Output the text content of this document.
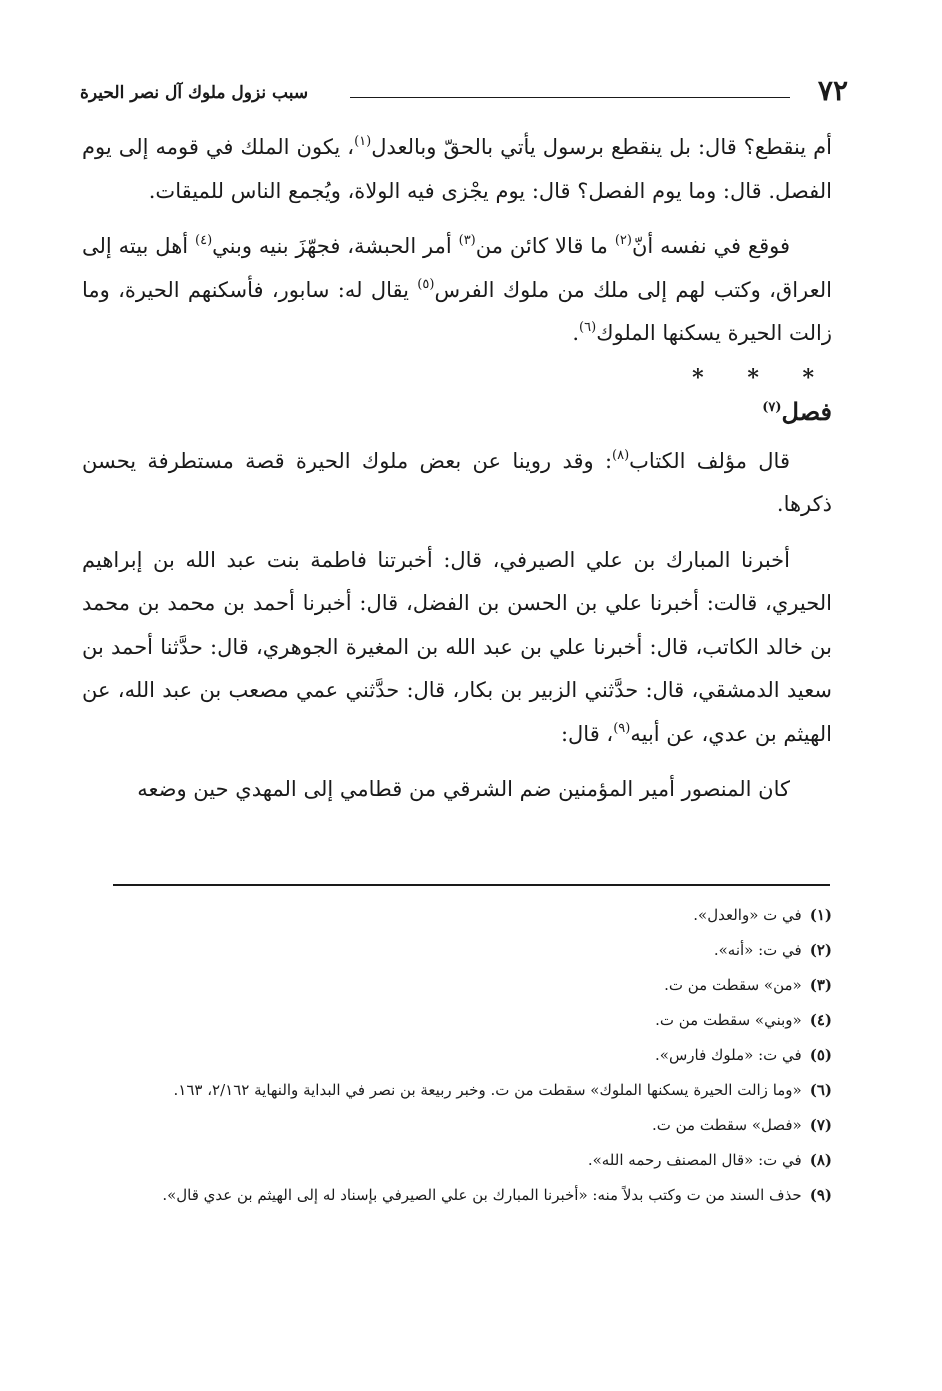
٧٢
سبب نزول ملوك آل نصر الحيرة

أم ينقطع؟ قال: بل ينقطع برسول يأتي بالحقّ وبالعدل$^{(١)}$، يكون الملك في قومه إلى يوم الفصل. قال: وما يوم الفصل؟ قال: يوم يجْزى فيه الولاة، ويُجمع الناس للميقات.

فوقع في نفسه أنّ$^{(٢)}$ ما قالا كائن من$^{(٣)}$ أمر الحبشة، فجهّزَ بنيه وبني$^{(٤)}$ أهل بيته إلى العراق، وكتب لهم إلى ملك من ملوك الفرس$^{(٥)}$ يقال له: سابور، فأسكنهم الحيرة، وما زالت الحيرة يسكنها الملوك$^{(٦)}$.

* * *
فصل$^{(٧)}$

قال مؤلف الكتاب$^{(٨)}$: وقد روينا عن بعض ملوك الحيرة قصة مستطرفة يحسن ذكرها.

أخبرنا المبارك بن علي الصيرفي، قال: أخبرتنا فاطمة بنت عبد الله بن إبراهيم الحيري، قالت: أخبرنا علي بن الحسن بن الفضل، قال: أخبرنا أحمد بن محمد بن محمد بن خالد الكاتب، قال: أخبرنا علي بن عبد الله بن المغيرة الجوهري، قال: حدَّثنا أحمد بن سعيد الدمشقي، قال: حدَّثني الزبير بن بكار، قال: حدَّثني عمي مصعب بن عبد الله، عن الهيثم بن عدي، عن أبيه$^{(٩)}$، قال:

كان المنصور أمير المؤمنين ضم الشرقي من قطامي إلى المهدي حين وضعه

(١)
في ت «والعدل».

(٢)
في ت: «أنه».

(٣)
«من» سقطت من ت.

(٤)
«وبني» سقطت من ت.

(٥)
في ت: «ملوك فارس».

(٦)
«وما زالت الحيرة يسكنها الملوك» سقطت من ت. وخبر ربيعة بن نصر في البداية والنهاية ٢/١٦٢، ١٦٣.

(٧)
«فصل» سقطت من ت.

(٨)
في ت: «قال المصنف رحمه الله».

(٩)
حذف السند من ت وكتب بدلاً منه: «أخبرنا المبارك بن علي الصيرفي بإسناد له إلى الهيثم بن عدي قال».
